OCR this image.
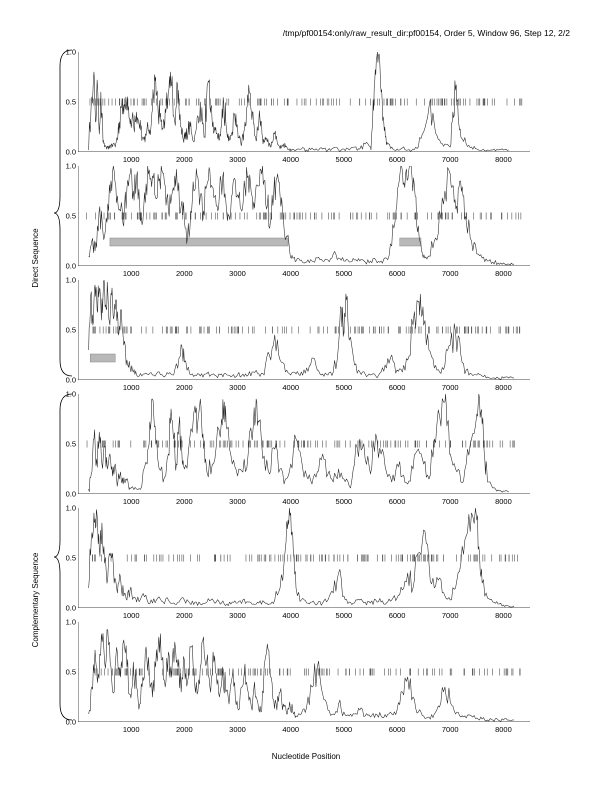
/tmp/pf00154:only/raw_result_dir:pf00154, Order 5, Window 96, Step 12, 2/2
Direct Sequence
Complementary Sequence
Nucleotide Position
0.0
0.5
1.0
1000	2000	3000	4000	5000	6000	7000	8000
0.0
0.5
1.0
1000	2000	3000	4000	5000	6000	7000	8000
0.0
0.5
1.0
1000	2000	3000	4000	5000	6000	7000	8000
0.0
0.5
1.0
1000	2000	3000	4000	5000	6000	7000	8000
0.0
0.5
1.0
1000	2000	3000	4000	5000	6000	7000	8000
0.0
0.5
1.0
1000	2000	3000	4000	5000	6000	7000	8000
